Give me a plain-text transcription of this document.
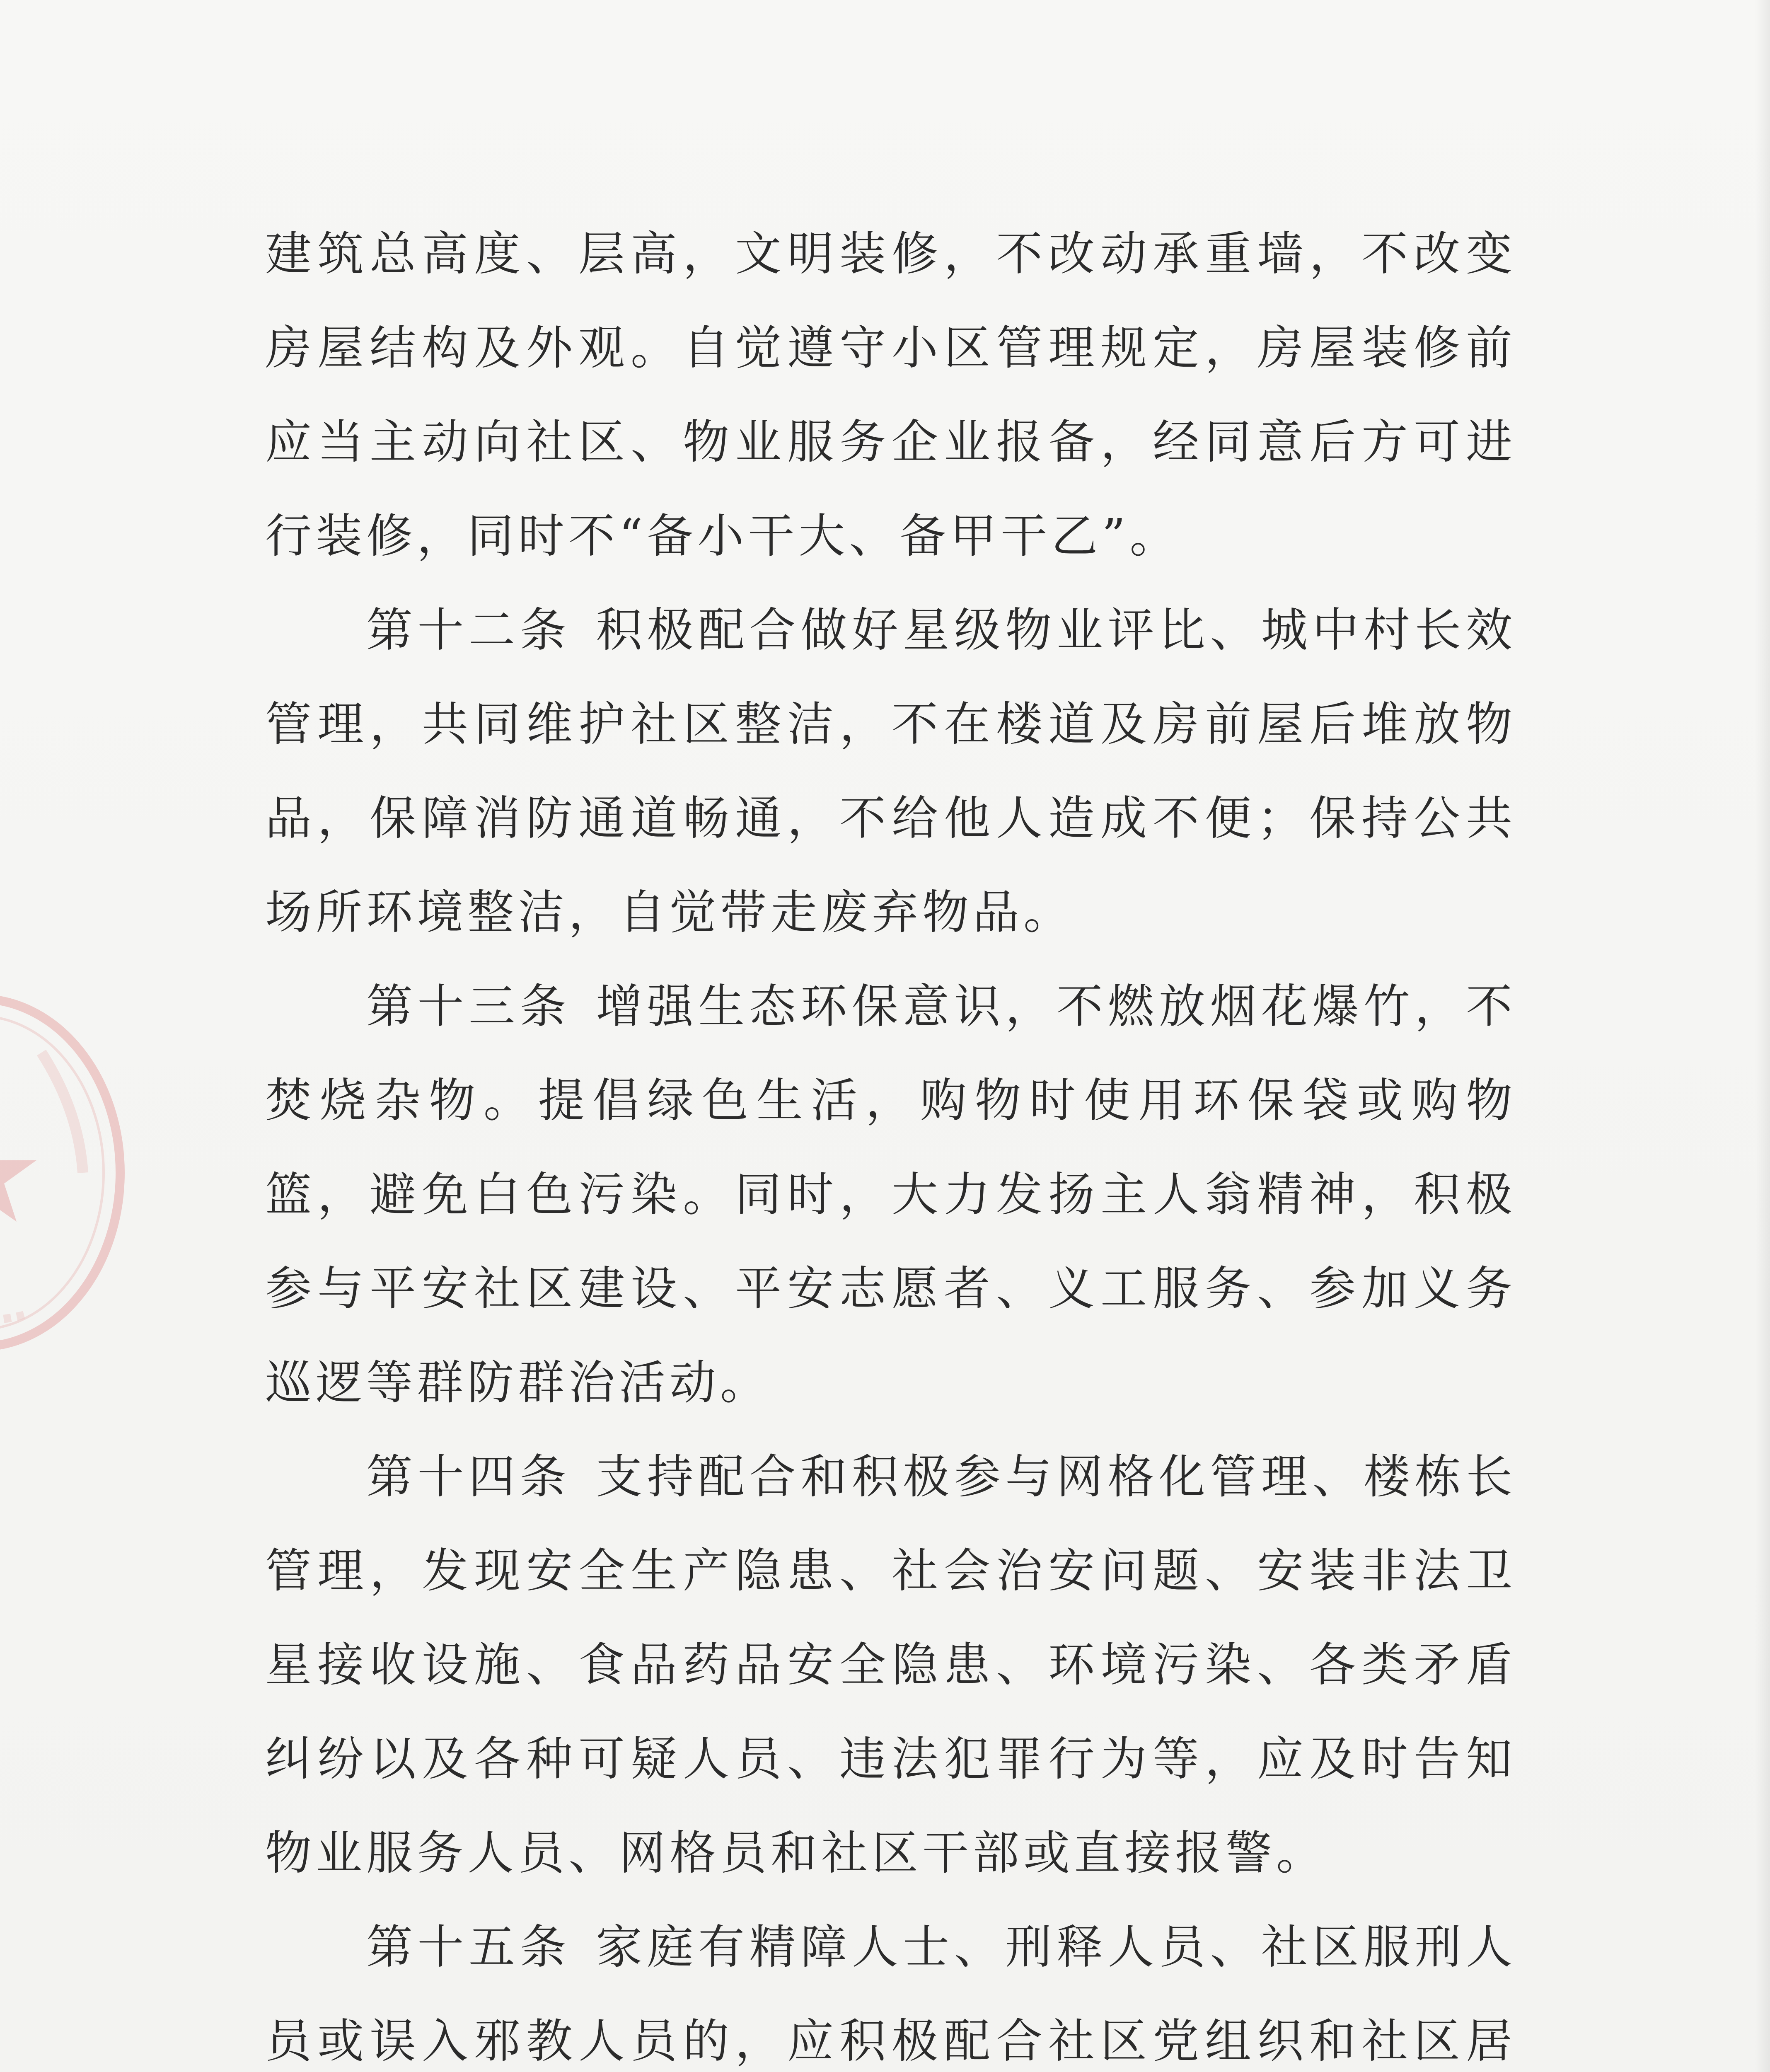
建筑总高度、层高，文明装修，不改动承重墙，不改变房屋结构及外观。自觉遵守小区管理规定，房屋装修前应当主动向社区、物业服务企业报备，经同意后方可进行装修，同时不“备小干大、备甲干乙”。

第十二条 积极配合做好星级物业评比、城中村长效管理，共同维护社区整洁，不在楼道及房前屋后堆放物品，保障消防通道畅通，不给他人造成不便；保持公共场所环境整洁，自觉带走废弃物品。

第十三条 增强生态环保意识，不燃放烟花爆竹，不焚烧杂物。提倡绿色生活，购物时使用环保袋或购物篮，避免白色污染。同时，大力发扬主人翁精神，积极参与平安社区建设、平安志愿者、义工服务、参加义务巡逻等群防群治活动。

第十四条 支持配合和积极参与网格化管理、楼栋长管理，发现安全生产隐患、社会治安问题、安装非法卫星接收设施、食品药品安全隐患、环境污染、各类矛盾纠纷以及各种可疑人员、违法犯罪行为等，应及时告知物业服务人员、网格员和社区干部或直接报警。

第十五条 家庭有精障人士、刑释人员、社区服刑人员或误入邪教人员的，应积极配合社区党组织和社区居
